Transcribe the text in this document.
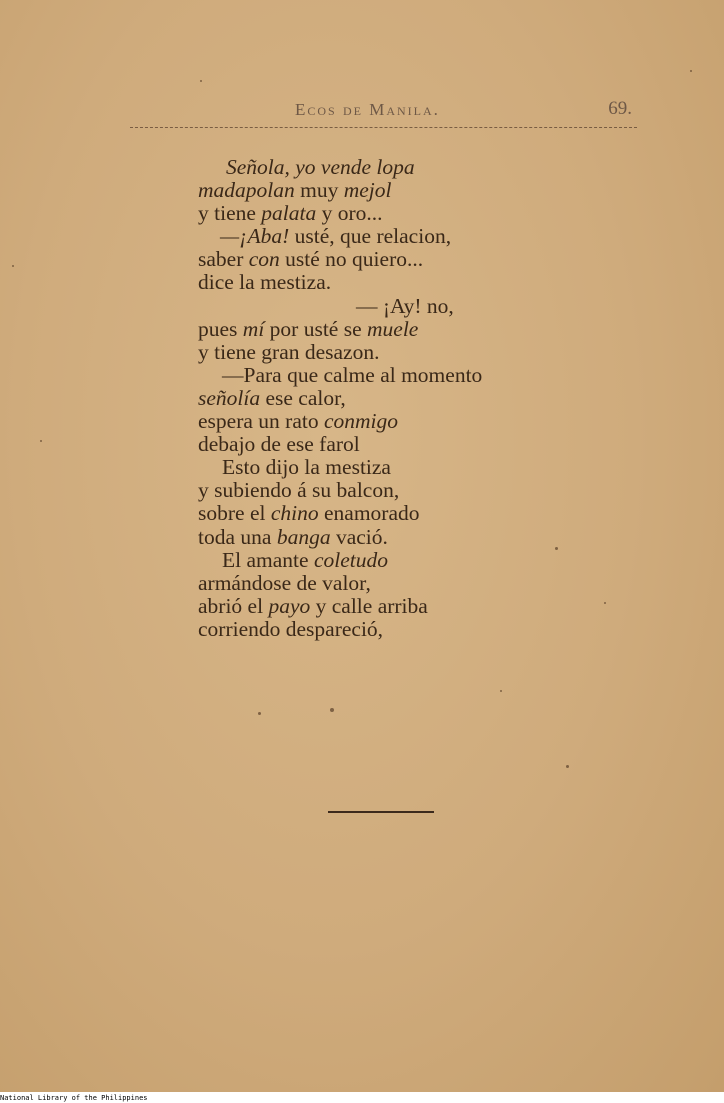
Ecos de Manila.	69.
Señola, yo vende lopa
madapolan muy mejol
y tiene palata y oro...
—¡Aba! usté, que relacion,
saber con usté no quiero...
dice la mestiza.
— ¡Ay! no,
pues mí por usté se muele
y tiene gran desazon.
—Para que calme al momento
señolía ese calor,
espera un rato conmigo
debajo de ese farol
Esto dijo la mestiza
y subiendo á su balcon,
sobre el chino enamorado
toda una banga vació.
El amante coletudo
armándose de valor,
abrió el payo y calle arriba
corriendo despareció,
National Library of the Philippines
